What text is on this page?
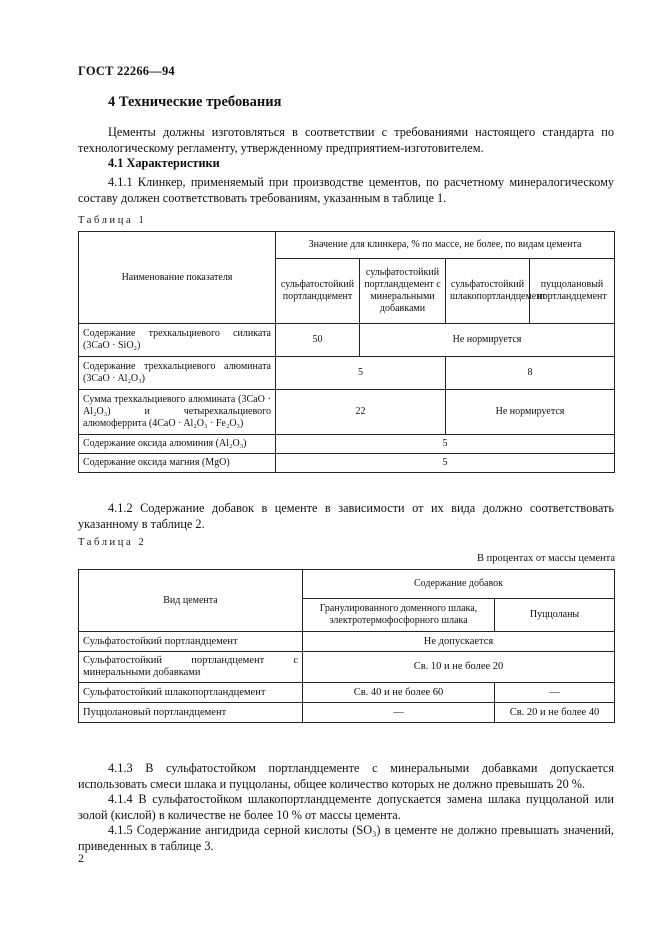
ГОСТ 22266—94
4 Технические требования
Цементы должны изготовляться в соответствии с требованиями настоящего стандарта по технологическому регламенту, утвержденному предприятием-изготовителем.
4.1 Характеристики
4.1.1 Клинкер, применяемый при производстве цементов, по расчетному минералогическому составу должен соответствовать требованиям, указанным в таблице 1.
Таблица 1
Наименование показателя	Значение для клинкера, % по массе, не более, по видам цемента			
	сульфатостойкий портландцемент	сульфатостойкий портландцемент с минеральными добавками	сульфатостойкий шлакопортландцемент	пуццолановый портландцемент
Содержание трехкальциевого силиката (3CaO · SiO₂)	50	Не нормируется		
Содержание трехкальциевого алюмината (3CaO · Al₂O₃)	5		8	
Сумма трехкальциевого алюмината (3CaO · Al₂O₃) и четырехкальциевого алюмоферрита (4CaO · Al₂O₃ · Fe₂O₃)	22		Не нормируется	
Содержание оксида алюминия (Al₂O₃)	5			
Содержание оксида магния (MgO)	5			
4.1.2 Содержание добавок в цементе в зависимости от их вида должно соответствовать указанному в таблице 2.
Таблица 2
В процентах от массы цемента
Вид цемента	Содержание добавок	
	Гранулированного доменного шлака, электротермофосфорного шлака	Пуццоланы
Сульфатостойкий портландцемент	Не допускается	
Сульфатостойкий портландцемент с минеральными добавками	Св. 10 и не более 20	
Сульфатостойкий шлакопортландцемент	Св. 40 и не более 60	—
Пуццолановый портландцемент	—	Св. 20 и не более 40
4.1.3 В сульфатостойком портландцементе с минеральными добавками допускается использовать смеси шлака и пуццоланы, общее количество которых не должно превышать 20 %.
4.1.4 В сульфатостойком шлакопортландцементе допускается замена шлака пуццоланой или золой (кислой) в количестве не более 10 % от массы цемента.
4.1.5 Содержание ангидрида серной кислоты (SO₃) в цементе не должно превышать значений, приведенных в таблице 3.
2
